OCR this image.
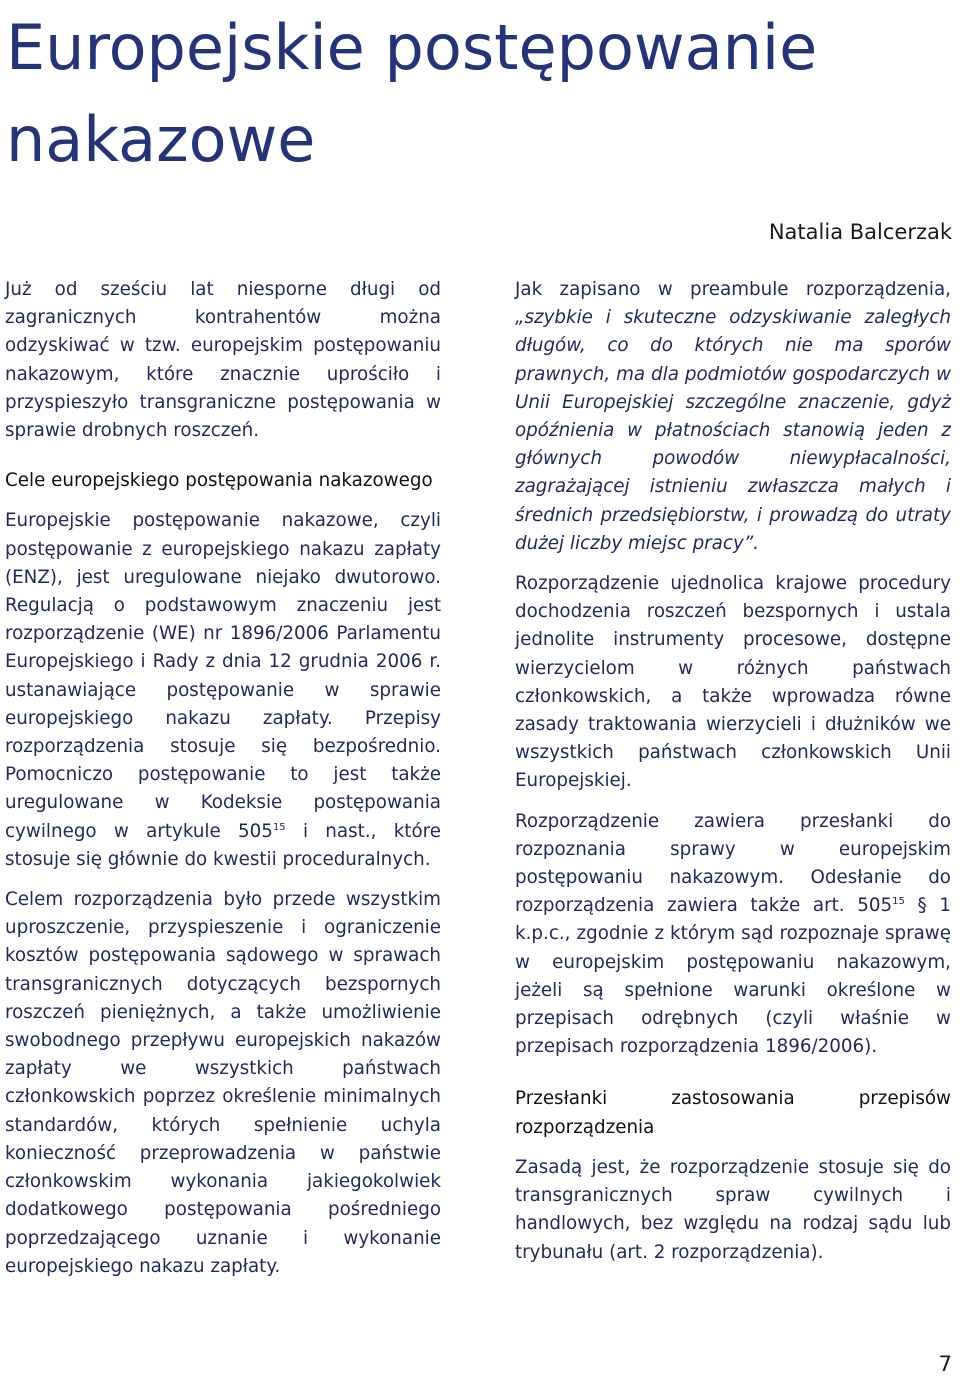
Europejskie postępowanie nakazowe
Natalia Balcerzak

Już od sześciu lat niesporne długi od zagranicznych kontrahentów można odzyskiwać w tzw. europejskim postępowaniu nakazowym, które znacznie uprościło i przyspieszyło transgraniczne postępowania w sprawie drobnych roszczeń.

Cele europejskiego postępowania nakazowego

Europejskie postępowanie nakazowe, czyli postępowanie z europejskiego nakazu zapłaty (ENZ), jest uregulowane niejako dwutorowo. Regulacją o podstawowym znaczeniu jest rozporządzenie (WE) nr 1896/2006 Parlamentu Europejskiego i Rady z dnia 12 grudnia 2006 r. ustanawiające postępowanie w sprawie europejskiego nakazu zapłaty. Przepisy rozporządzenia stosuje się bezpośrednio. Pomocniczo postępowanie to jest także uregulowane w Kodeksie postępowania cywilnego w artykule $505^{15}$ i nast., które stosuje się głównie do kwestii proceduralnych.

Celem rozporządzenia było przede wszystkim uproszczenie, przyspieszenie i ograniczenie kosztów postępowania sądowego w sprawach transgranicznych dotyczących bezspornych roszczeń pieniężnych, a także umożliwienie swobodnego przepływu europejskich nakazów zapłaty we wszystkich państwach członkowskich poprzez określenie minimalnych standardów, których spełnienie uchyla konieczność przeprowadzenia w państwie członkowskim wykonania jakiegokolwiek dodatkowego postępowania pośredniego poprzedzającego uznanie i wykonanie europejskiego nakazu zapłaty.

Jak zapisano w preambule rozporządzenia, „szybkie i skuteczne odzyskiwanie zaległych długów, co do których nie ma sporów prawnych, ma dla podmiotów gospodarczych w Unii Europejskiej szczególne znaczenie, gdyż opóźnienia w płatnościach stanowią jeden z głównych powodów niewypłacalności, zagrażającej istnieniu zwłaszcza małych i średnich przedsiębiorstw, i prowadzą do utraty dużej liczby miejsc pracy”.

Rozporządzenie ujednolica krajowe procedury dochodzenia roszczeń bezspornych i ustala jednolite instrumenty procesowe, dostępne wierzycielom w różnych państwach członkowskich, a także wprowadza równe zasady traktowania wierzycieli i dłużników we wszystkich państwach członkowskich Unii Europejskiej.

Rozporządzenie zawiera przesłanki do rozpoznania sprawy w europejskim postępowaniu nakazowym. Odesłanie do rozporządzenia zawiera także art. $505^{15}$ § 1 k.p.c., zgodnie z którym sąd rozpoznaje sprawę w europejskim postępowaniu nakazowym, jeżeli są spełnione warunki określone w przepisach odrębnych (czyli właśnie w przepisach rozporządzenia 1896/2006).

Przesłanki zastosowania przepisów rozporządzenia

Zasadą jest, że rozporządzenie stosuje się do transgranicznych spraw cywilnych i handlowych, bez względu na rodzaj sądu lub trybunału (art. 2 rozporządzenia).

7
